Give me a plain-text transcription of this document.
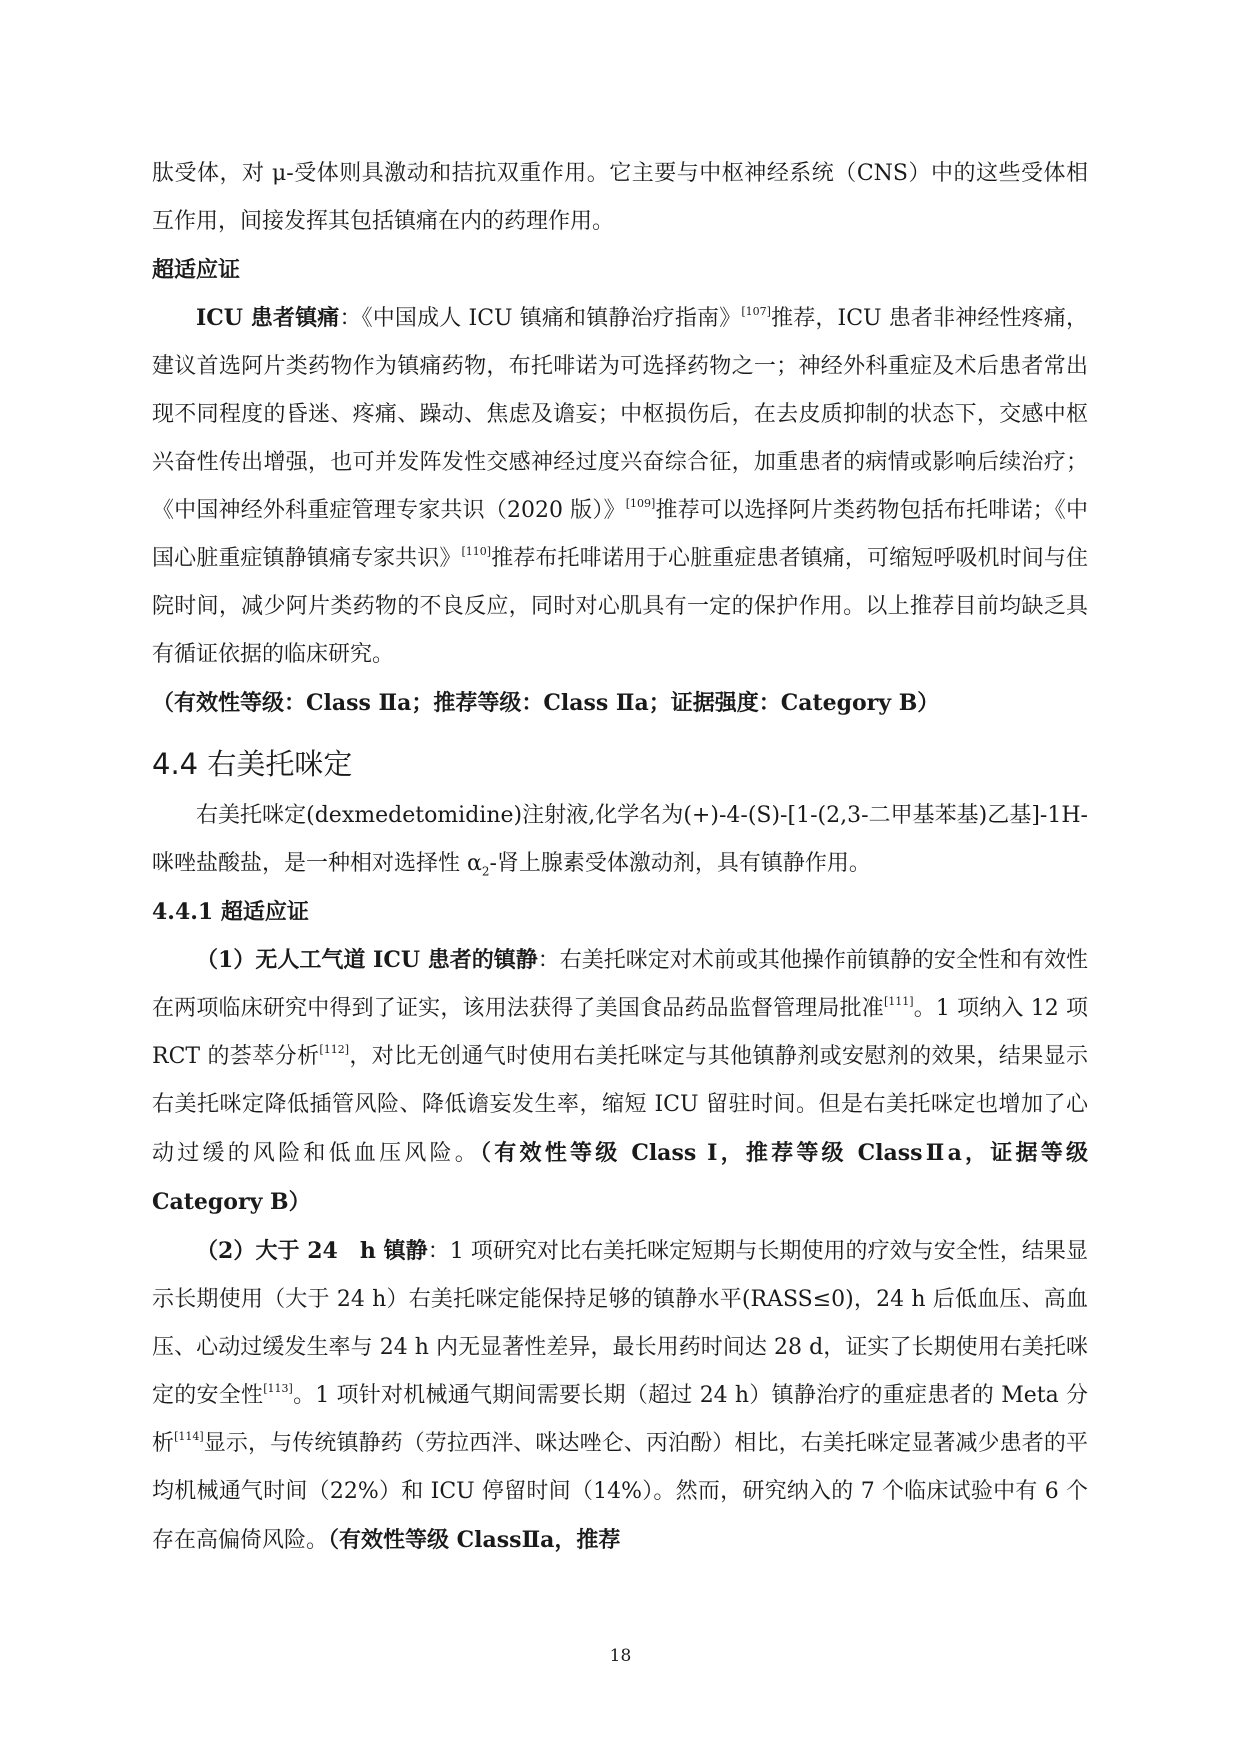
肽受体，对 μ-受体则具激动和拮抗双重作用。它主要与中枢神经系统（CNS）中的这些受体相互作用，间接发挥其包括镇痛在内的药理作用。

超适应证

ICU 患者镇痛：《中国成人 ICU 镇痛和镇静治疗指南》[107]推荐，ICU 患者非神经性疼痛，建议首选阿片类药物作为镇痛药物，布托啡诺为可选择药物之一；神经外科重症及术后患者常出现不同程度的昏迷、疼痛、躁动、焦虑及谵妄；中枢损伤后，在去皮质抑制的状态下，交感中枢兴奋性传出增强，也可并发阵发性交感神经过度兴奋综合征，加重患者的病情或影响后续治疗；《中国神经外科重症管理专家共识（2020 版）》[109]推荐可以选择阿片类药物包括布托啡诺；《中国心脏重症镇静镇痛专家共识》[110]推荐布托啡诺用于心脏重症患者镇痛，可缩短呼吸机时间与住院时间，减少阿片类药物的不良反应，同时对心肌具有一定的保护作用。以上推荐目前均缺乏具有循证依据的临床研究。
（有效性等级：Class Ⅱa；推荐等级：Class Ⅱa；证据强度：Category B）

4.4 右美托咪定

右美托咪定(dexmedetomidine)注射液,化学名为(+)-4-(S)-[1-(2,3-二甲基苯基)乙基]-1H-咪唑盐酸盐，是一种相对选择性 $\alpha_2-$肾上腺素受体激动剂，具有镇静作用。

4.4.1 超适应证

（1）无人工气道 ICU 患者的镇静：右美托咪定对术前或其他操作前镇静的安全性和有效性在两项临床研究中得到了证实，该用法获得了美国食品药品监督管理局批准[111]。1 项纳入 12 项 RCT 的荟萃分析[112]，对比无创通气时使用右美托咪定与其他镇静剂或安慰剂的效果，结果显示右美托咪定降低插管风险、降低谵妄发生率，缩短 ICU 留驻时间。但是右美托咪定也增加了心动过缓的风险和低血压风险。（有效性等级 Class I，推荐等级 ClassⅡa，证据等级 Category B）

（2）大于 24　h 镇静：1 项研究对比右美托咪定短期与长期使用的疗效与安全性，结果显示长期使用（大于 24 h）右美托咪定能保持足够的镇静水平(RASS≤0)，24 h 后低血压、高血压、心动过缓发生率与 24 h 内无显著性差异，最长用药时间达 28 d，证实了长期使用右美托咪定的安全性[113]。1 项针对机械通气期间需要长期（超过 24 h）镇静治疗的重症患者的 Meta 分析[114]显示，与传统镇静药（劳拉西泮、咪达唑仑、丙泊酚）相比，右美托咪定显著减少患者的平均机械通气时间（22%）和 ICU 停留时间（14%）。然而，研究纳入的 7 个临床试验中有 6 个存在高偏倚风险。（有效性等级 ClassⅡa，推荐

18
